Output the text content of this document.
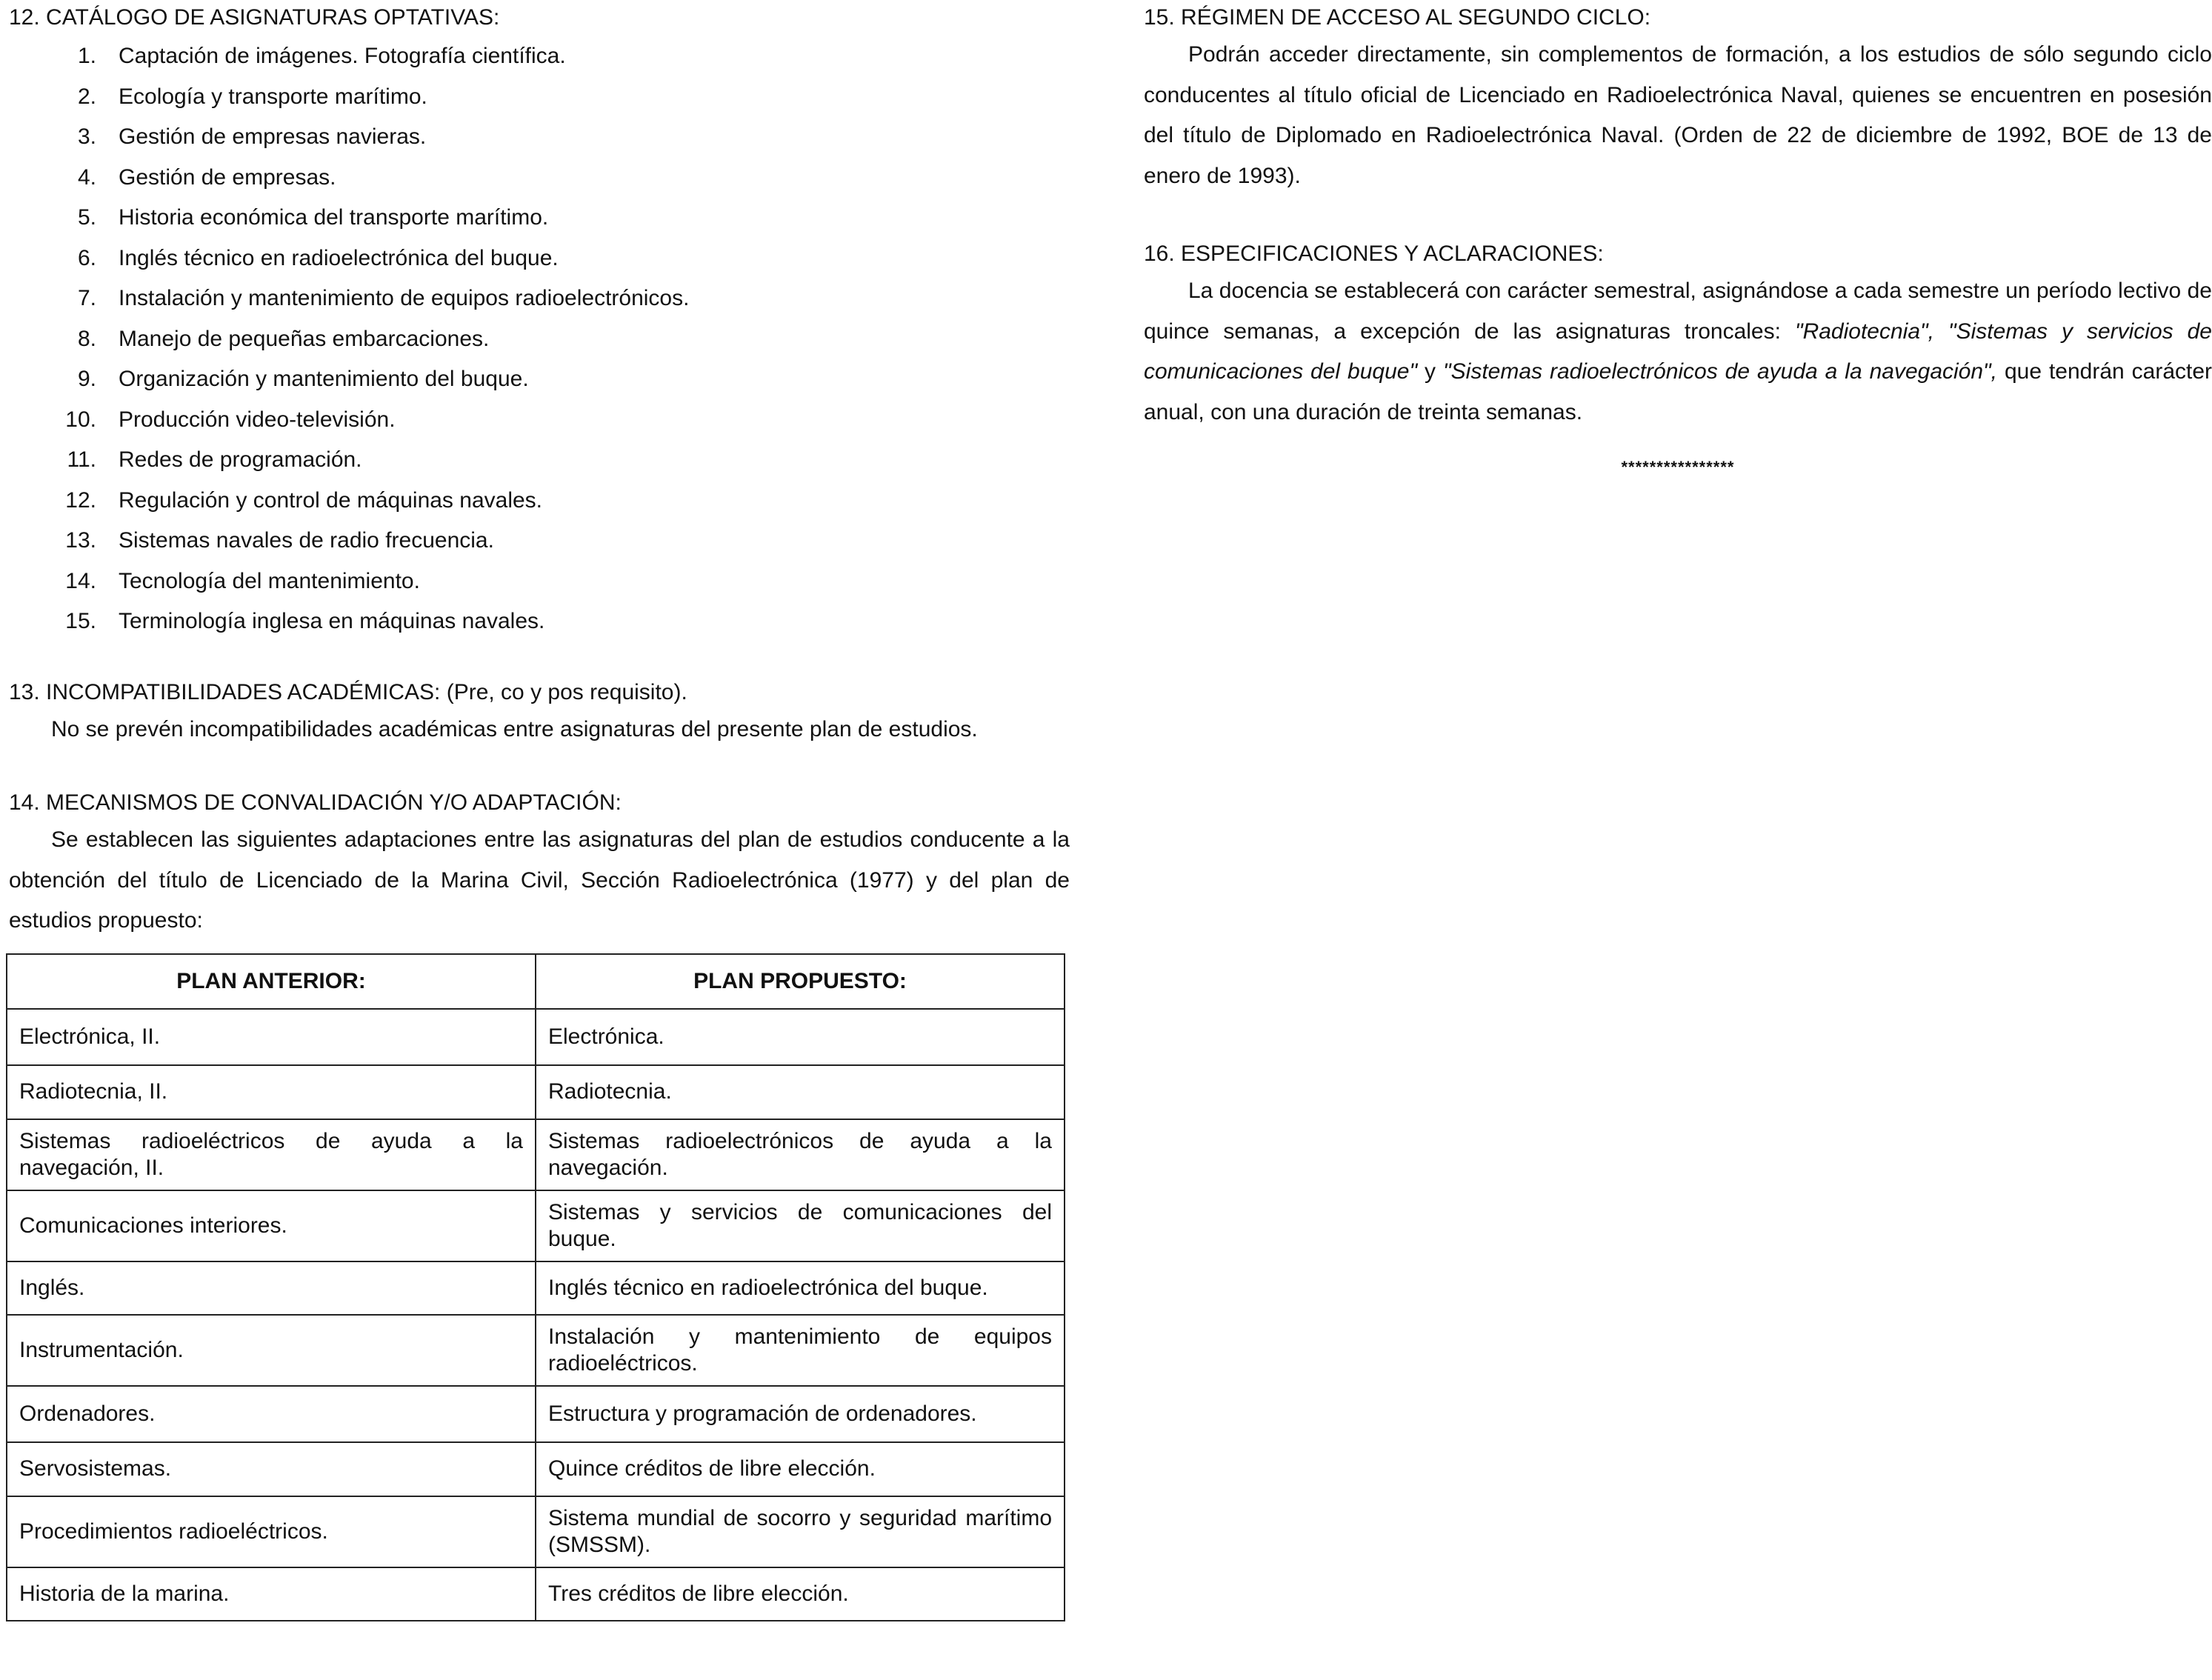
12. CATÁLOGO DE ASIGNATURAS OPTATIVAS:
1. Captación de imágenes. Fotografía científica.
2. Ecología y transporte marítimo.
3. Gestión de empresas navieras.
4. Gestión de empresas.
5. Historia económica del transporte marítimo.
6. Inglés técnico en radioelectrónica del buque.
7. Instalación y mantenimiento de equipos radioelectrónicos.
8. Manejo de pequeñas embarcaciones.
9. Organización y mantenimiento del buque.
10. Producción video-televisión.
11. Redes de programación.
12. Regulación y control de máquinas navales.
13. Sistemas navales de radio frecuencia.
14. Tecnología del mantenimiento.
15. Terminología inglesa en máquinas navales.
13. INCOMPATIBILIDADES ACADÉMICAS: (Pre, co y pos requisito).
No se prevén incompatibilidades académicas entre asignaturas del presente plan de estudios.
14. MECANISMOS DE CONVALIDACIÓN Y/O ADAPTACIÓN:

Se establecen las siguientes adaptaciones entre las asignaturas del plan de estudios conducente a la obtención del título de Licenciado de la Marina Civil, Sección Radioelectrónica (1977) y del plan de estudios propuesto:

PLAN ANTERIOR:	PLAN PROPUESTO:
Electrónica, II.	Electrónica.
Radiotecnia, II.	Radiotecnia.
Sistemas radioeléctricos de ayuda a la navegación, II.	Sistemas radioelectrónicos de ayuda a la navegación.
Comunicaciones interiores.	Sistemas y servicios de comunicaciones del buque.
Inglés.	Inglés técnico en radioelectrónica del buque.
Instrumentación.	Instalación y mantenimiento de equipos radioeléctricos.
Ordenadores.	Estructura y programación de ordenadores.
Servosistemas.	Quince créditos de libre elección.
Procedimientos radioeléctricos.	Sistema mundial de socorro y seguridad marítimo (SMSSM).
Historia de la marina.	Tres créditos de libre elección.
15. RÉGIMEN DE ACCESO AL SEGUNDO CICLO:

Podrán acceder directamente, sin complementos de formación, a los estudios de sólo segundo ciclo conducentes al título oficial de Licenciado en Radioelectrónica Naval, quienes se encuentren en posesión del título de Diplomado en Radioelectrónica Naval. (Orden de 22 de diciembre de 1992, BOE de 13 de enero de 1993).

16. ESPECIFICACIONES Y ACLARACIONES:

La docencia se establecerá con carácter semestral, asignándose a cada semestre un período lectivo de quince semanas, a excepción de las asignaturas troncales: "Radiotecnia", "Sistemas y servicios de comunicaciones del buque" y "Sistemas radioelectrónicos de ayuda a la navegación", que tendrán carácter anual, con una duración de treinta semanas.

****************
